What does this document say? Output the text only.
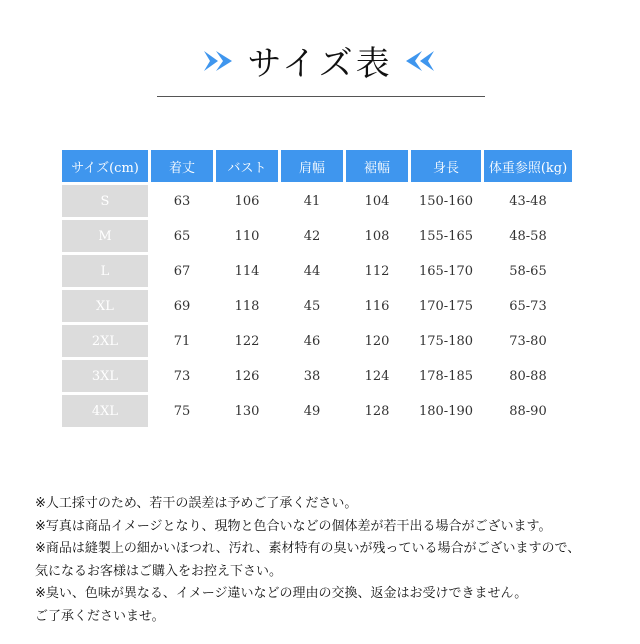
サイズ表
サイズ(cm)	着丈	バスト	肩幅	裾幅	身長	体重参照(kg)
S	63	106	41	104	150-160	43-48
M	65	110	42	108	155-165	48-58
L	67	114	44	112	165-170	58-65
XL	69	118	45	116	170-175	65-73
2XL	71	122	46	120	175-180	73-80
3XL	73	126	38	124	178-185	80-88
4XL	75	130	49	128	180-190	88-90
※人工採寸のため、若干の誤差は予めご了承ください。
※写真は商品イメージとなり、現物と色合いなどの個体差が若干出る場合がございます。
※商品は縫製上の細かいほつれ、汚れ、素材特有の臭いが残っている場合がございますので、
気になるお客様はご購入をお控え下さい。
※臭い、色味が異なる、イメージ違いなどの理由の交換、返金はお受けできません。
ご了承くださいませ。
